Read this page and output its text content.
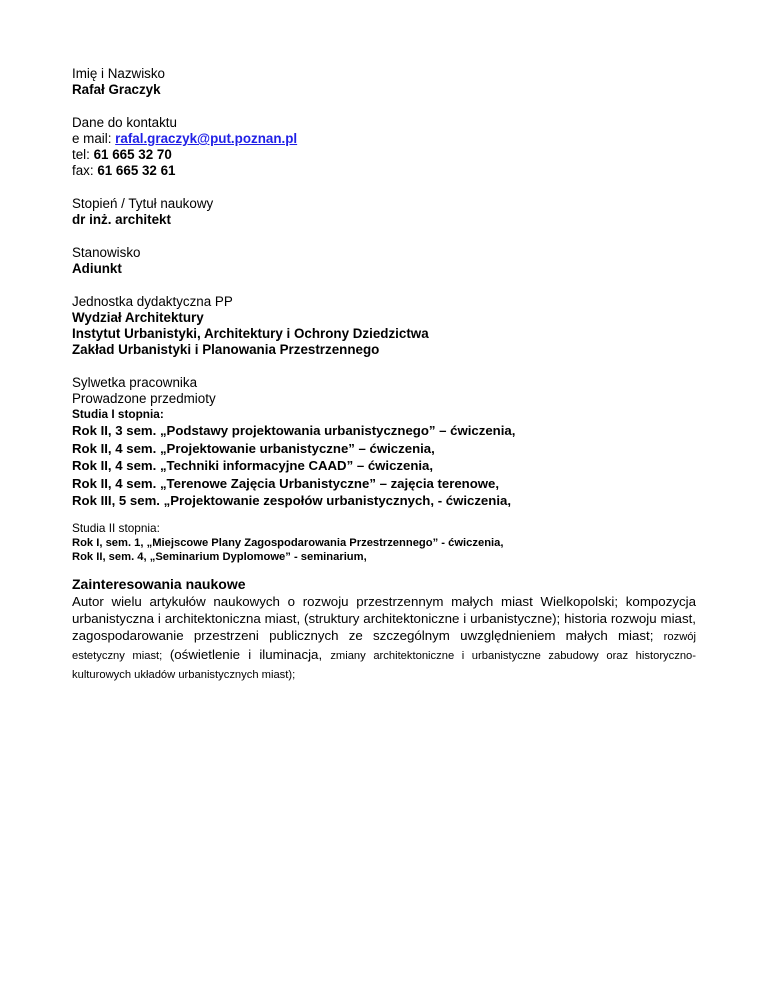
Imię i Nazwisko
Rafał Graczyk
Dane do kontaktu
e mail: rafal.graczyk@put.poznan.pl
tel: 61 665 32 70
fax: 61 665 32 61
Stopień / Tytuł naukowy
dr inż. architekt
Stanowisko
Adiunkt
Jednostka dydaktyczna PP
Wydział Architektury
Instytut Urbanistyki, Architektury i Ochrony Dziedzictwa
Zakład Urbanistyki i Planowania Przestrzennego
Sylwetka pracownika
Prowadzone przedmioty
Studia I stopnia:
Rok II, 3 sem. „Podstawy projektowania urbanistycznego” – ćwiczenia,
Rok II, 4 sem. „Projektowanie urbanistyczne” – ćwiczenia,
Rok II, 4 sem. „Techniki informacyjne CAAD” – ćwiczenia,
Rok II, 4 sem. „Terenowe Zajęcia Urbanistyczne” – zajęcia terenowe,
Rok III, 5 sem. „Projektowanie zespołów urbanistycznych, - ćwiczenia,
Studia II stopnia:
Rok I, sem. 1, „Miejscowe Plany Zagospodarowania Przestrzennego” - ćwiczenia,
Rok II, sem. 4, „Seminarium Dyplomowe” - seminarium,
Zainteresowania naukowe
Autor wielu artykułów naukowych o rozwoju przestrzennym małych miast Wielkopolski; kompozycja urbanistyczna i architektoniczna miast, (struktury architektoniczne i urbanistyczne); historia rozwoju miast, zagospodarowanie przestrzeni publicznych ze szczególnym uwzględnieniem małych miast; rozwój estetyczny miast; (oświetlenie i iluminacja, zmiany architektoniczne i urbanistyczne zabudowy oraz historyczno-kulturowych układów urbanistycznych miast);
